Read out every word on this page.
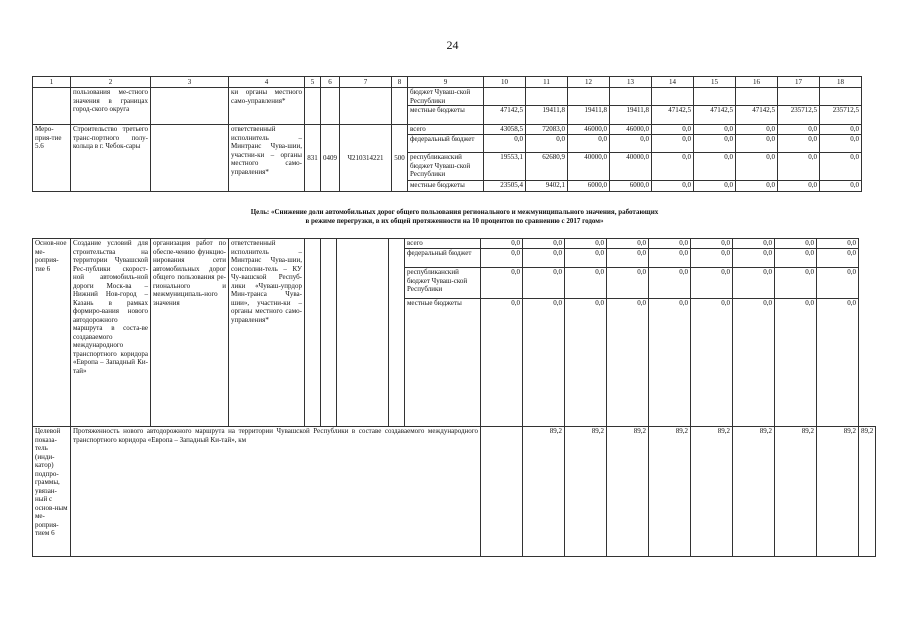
24
1	2	3	4	5	6	7	8	9	10	11	12	13	14	15	16	17	18
	пользования ме-стного значения в границах город-ского округа		ки органы местного само-управления*					бюджет Чуваш-ской Республики									
								местные бюджеты	47142,5	19411,8	19411,8	19411,8	47142,5	47142,5	47142,5	235712,5	235712,5
Меро-прия-тие 5.6	Строительство третьего транс-портного полу-кольца в г. Чебок-сары		ответственный исполнитель – Минтранс Чува-шии, участни-ки – органы местного само-управления*	831	0409	Ч210314221	500	всего	43058,5	72083,0	46000,0	46000,0	0,0	0,0	0,0	0,0	0,0
								федеральный бюджет	0,0	0,0	0,0	0,0	0,0	0,0	0,0	0,0	0,0
								республиканский бюджет Чуваш-ской Республики	19553,1	62680,9	40000,0	40000,0	0,0	0,0	0,0	0,0	0,0
								местные бюджеты	23505,4	9402,1	6000,0	6000,0	0,0	0,0	0,0	0,0	0,0
Цель: «Снижение доли автомобильных дорог общего пользования регионального и межмуниципального значения, работающих
в режиме перегрузки, в их общей протяженности на 10 процентов по сравнению с 2017 годом»
Основ-ное ме-роприя-тие 6	Создание условий для строительства на территории Чувашской Рес-публики скорост-ной автомобиль-ной дороги Моск-ва – Нижний Нов-город – Казань в рамках формиро-вания нового автодорожного маршрута в соста-ве создаваемого международного транспортного коридора «Европа – Западный Ки-тай»	организация работ по обеспе-чению функцио-нирования сети автомобильных дорог общего пользования ре-гионального и межмуниципаль-ного значения	ответственный исполнитель – Минтранс Чува-шии, соисполни-тель – КУ Чу-вашской Респуб-лики «Чуваш-упрдор Мин-транса Чува-шии», участни-ки – органы местного само-управления*					всего	0,0	0,0	0,0	0,0	0,0	0,0	0,0	0,0	0,0	
								федеральный бюджет	0,0	0,0	0,0	0,0	0,0	0,0	0,0	0,0	0,0	
								республиканский бюджет Чуваш-ской Республики	0,0	0,0	0,0	0,0	0,0	0,0	0,0	0,0	0,0	
								местные бюджеты	0,0	0,0	0,0	0,0	0,0	0,0	0,0	0,0	0,0	
Целевой показа-тель (инди-катор) подпро-граммы, увязан-ный с основ-ным ме-роприя-тием 6	Протяженность нового автодорожного маршрута на территории Чувашской Республики в составе создаваемого международного транспортного коридора «Европа – Западный Ки-тай», км									89,2	89,2	89,2	89,2	89,2	89,2	89,2	89,2	89,2
